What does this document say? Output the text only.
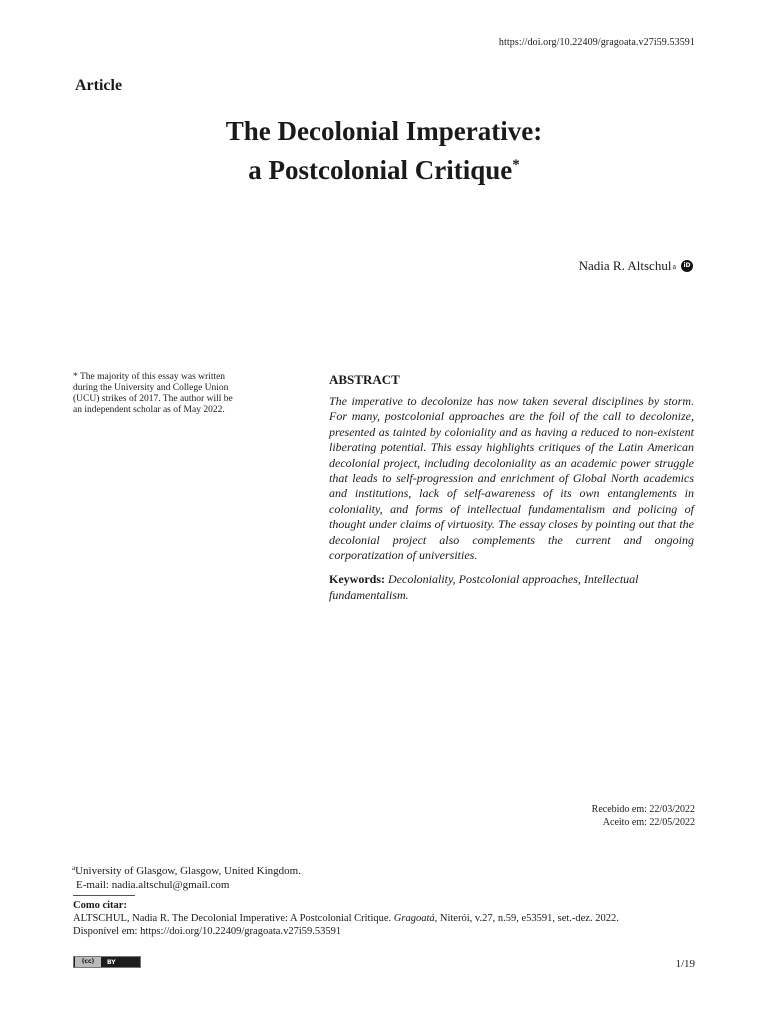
https://doi.org/10.22409/gragoata.v27i59.53591
Article
The Decolonial Imperative:
a Postcolonial Critique*
Nadia R. Altschul a	iD
* The majority of this essay was written during the University and College Union (UCU) strikes of 2017. The author will be an independent scholar as of May 2022.

ABSTRACT

The imperative to decolonize has now taken several disciplines by storm. For many, postcolonial approaches are the foil of the call to decolonize, presented as tainted by coloniality and as having a reduced to non-existent liberating potential. This essay highlights critiques of the Latin American decolonial project, including decoloniality as an academic power struggle that leads to self-progression and enrichment of Global North academics and institutions, lack of self-awareness of its own entanglements in coloniality, and forms of intellectual fundamentalism and policing of thought under claims of virtuosity. The essay closes by pointing out that the decolonial project also complements the current and ongoing corporatization of universities.

Keywords: Decoloniality, Postcolonial approaches, Intellectual fundamentalism.
Recebido em: 22/03/2022
Aceito em: 22/05/2022
$^a$University of Glasgow, Glasgow, United Kingdom.
E-mail: nadia.altschul@gmail.com
Como citar:
ALTSCHUL, Nadia R. The Decolonial Imperative: A Postcolonial Critique. Gragoatá, Niterói, v.27, n.59, e53591, set.-dez. 2022.
Disponível em: https://doi.org/10.22409/gragoata.v27i59.53591
(cc)	BY	1/19
